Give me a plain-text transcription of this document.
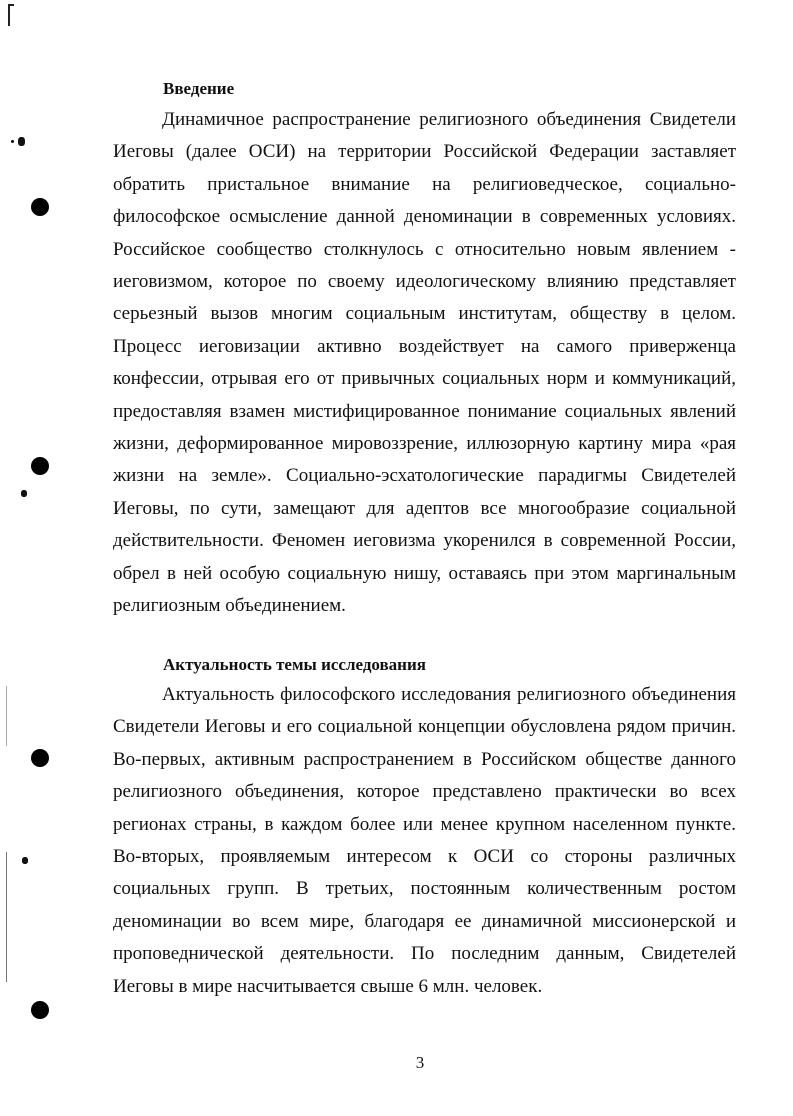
Введение

Динамичное распространение религиозного объединения Свидетели Иеговы (далее ОСИ) на территории Российской Федерации заставляет обратить пристальное внимание на религиоведческое, социально-философское осмысление данной деноминации в современных условиях. Российское сообщество столкнулось с относительно новым явлением - иеговизмом, которое по своему идеологическому влиянию представляет серьезный вызов многим социальным институтам, обществу в целом. Процесс иеговизации активно воздействует на самого приверженца конфессии, отрывая его от привычных социальных норм и коммуникаций, предоставляя взамен мистифицированное понимание социальных явлений жизни, деформированное мировоззрение, иллюзорную картину мира «рая жизни на земле». Социально-эсхатологические парадигмы Свидетелей Иеговы, по сути, замещают для адептов все многообразие социальной действительности. Феномен иеговизма укоренился в современной России, обрел в ней особую социальную нишу, оставаясь при этом маргинальным религиозным объединением.

Актуальность темы исследования

Актуальность философского исследования религиозного объединения Свидетели Иеговы и его социальной концепции обусловлена рядом причин. Во-первых, активным распространением в Российском обществе данного религиозного объединения, которое представлено практически во всех регионах страны, в каждом более или менее крупном населенном пункте. Во-вторых, проявляемым интересом к ОСИ со стороны различных социальных групп. В третьих, постоянным количественным ростом деноминации во всем мире, благодаря ее динамичной миссионерской и проповеднической деятельности. По последним данным, Свидетелей Иеговы в мире насчитывается свыше 6 млн. человек.

3
